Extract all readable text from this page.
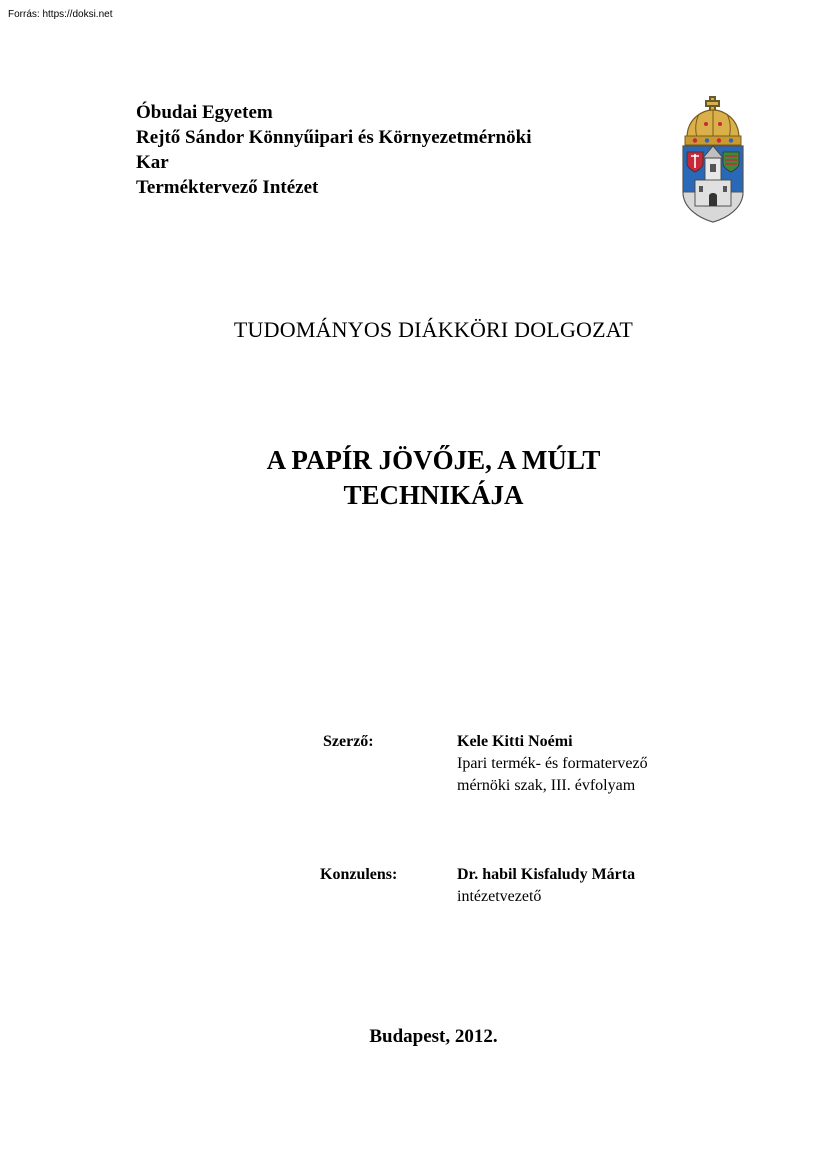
Forrás: https://doksi.net
Óbudai Egyetem
Rejtő Sándor Könnyűipari és Környezetmérnöki
Kar
Terméktervező Intézet
TUDOMÁNYOS DIÁKKÖRI DOLGOZAT
A PAPÍR JÖVŐJE, A MÚLT
TECHNIKÁJA
Szerző:	Kele Kitti Noémi
Ipari termék- és formatervező
mérnöki szak, III. évfolyam
Konzulens:	Dr. habil Kisfaludy Márta
intézetvezető
Budapest, 2012.
